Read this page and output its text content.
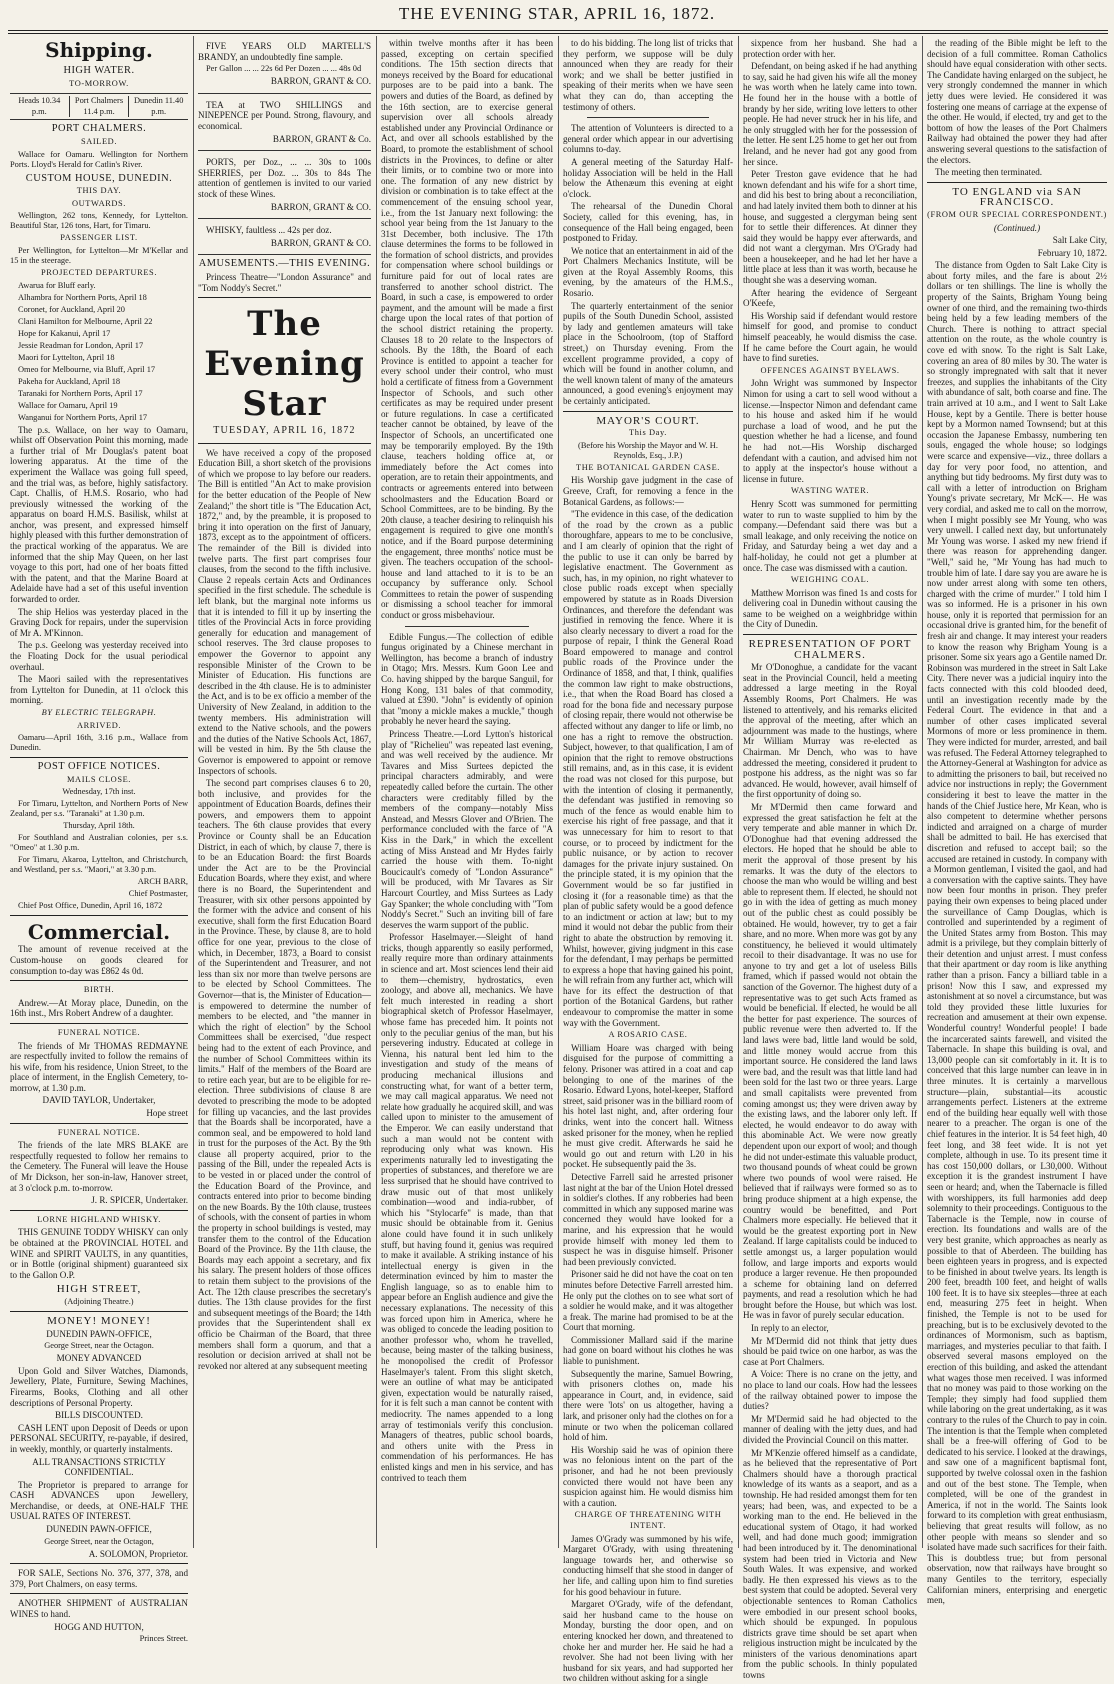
THE EVENING STAR, APRIL 16, 1872.
Shipping.
HIGH WATER.
TO-MORROW.
Heads 10.34 p.m.
Port Chalmers 11.4 p.m.
Dunedin 11.40 p.m.
PORT CHALMERS.
SAILED.

Wallace for Oamaru. Wellington for Northern Ports. Lloyd's Herald for Catlin's River.

CUSTOM HOUSE, DUNEDIN.
THIS DAY.
OUTWARDS.

Wellington, 262 tons, Kennedy, for Lyttelton. Beautiful Star, 126 tons, Hart, for Timaru.

PASSENGER LIST.

Per Wellington, for Lyttelton—Mr M'Kellar and 15 in the steerage.

PROJECTED DEPARTURES.

Awarua for Bluff early.

Alhambra for Northern Ports, April 18

Coronet, for Auckland, April 20

Clani Hamilton for Melbourne, April 22

Hope for Kakanui, April 17

Jessie Readman for London, April 17

Maori for Lyttelton, April 18

Omeo for Melbourne, via Bluff, April 17

Pakeha for Auckland, April 18

Taranaki for Northern Ports, April 17

Wallace for Oamaru, April 19

Wanganui for Northern Ports, April 17

The p.s. Wallace, on her way to Oamaru, whilst off Observation Point this morning, made a further trial of Mr Douglas's patent boat lowering apparatus. At the time of the experiment the Wallace was going full speed, and the trial was, as before, highly satisfactory. Capt. Challis, of H.M.S. Rosario, who had previously witnessed the working of the apparatus on board H.M.S. Basilisk, whilst at anchor, was present, and expressed himself highly pleased with this further demonstration of the practical working of the apparatus. We are informed that the ship May Queen, on her last voyage to this port, had one of her boats fitted with the patent, and that the Marine Board at Adelaide have had a set of this useful invention forwarded to order.

The ship Helios was yesterday placed in the Graving Dock for repairs, under the supervision of Mr A. M'Kinnon.

The p.s. Geelong was yesterday received into the Floating Dock for the usual periodical overhaul.

The Maori sailed with the representatives from Lyttelton for Dunedin, at 11 o'clock this morning.

BY ELECTRIC TELEGRAPH.
ARRIVED.

Oamaru—April 16th, 3.16 p.m., Wallace from Dunedin.

POST OFFICE NOTICES.
MAILS CLOSE.

Wednesday, 17th inst.

For Timaru, Lyttelton, and Northern Ports of New Zealand, per s.s. "Taranaki" at 1.30 p.m.

Thursday, April 18th.

For Southland and Australian colonies, per s.s. "Omeo" at 1.30 p.m.

For Timaru, Akaroa, Lyttelton, and Christchurch, and Westland, per s.s. "Maori," at 3.30 p.m.

ARCH BARR,

Chief Postmaster,

Chief Post Office, Dunedin, April 16, 1872

Commercial.

The amount of revenue received at the Custom-house on goods cleared for consumption to-day was £862 4s 0d.

BIRTH.

Andrew.—At Moray place, Dunedin, on the 16th inst., Mrs Robert Andrew of a daughter.

FUNERAL NOTICE.

The friends of Mr THOMAS REDMAYNE are respectfully invited to follow the remains of his wife, from his residence, Union Street, to the place of interment, in the English Cemetery, to-morrow, at 1.30 p.m.

DAVID TAYLOR, Undertaker,

Hope street

FUNERAL NOTICE.

The friends of the late MRS BLAKE are respectfully requested to follow her remains to the Cemetery. The Funeral will leave the House of Mr Dickson, her son-in-law, Hanover street, at 3 o'clock p.m. to-morrow.

J. R. SPICER, Undertaker.

LORNE HIGHLAND WHISKY.

THIS GENUINE TODDY WHISKY can only be obtained at the PROVINCIAL HOTEL and WINE and SPIRIT VAULTS, in any quantities, or in Bottle (original shipment) guaranteed six to the Gallon O.P.

HIGH STREET,

(Adjoining Theatre.)

MONEY! MONEY!

DUNEDIN PAWN-OFFICE,

George Street, near the Octagon.

MONEY ADVANCED

Upon Gold and Silver Watches, Diamonds, Jewellery, Plate, Furniture, Sewing Machines, Firearms, Books, Clothing and all other descriptions of Personal Property.

BILLS DISCOUNTED.

CASH LENT upon Deposit of Deeds or upon PERSONAL SECURITY, re-payable, if desired, in weekly, monthly, or quarterly instalments.

ALL TRANSACTIONS STRICTLY CONFIDENTIAL.

The Proprietor is prepared to arrange for CASH ADVANCES upon Jewellery, Merchandise, or deeds, at ONE-HALF THE USUAL RATES OF INTEREST.

DUNEDIN PAWN-OFFICE,

George Street, near the Octagon,

A. SOLOMON, Proprietor.

FOR SALE, Sections No. 376, 377, 378, and 379, Port Chalmers, on easy terms.

ANOTHER SHIPMENT of AUSTRALIAN WINES to hand.

HOGG AND HUTTON,

Princes Street.

FIVE YEARS OLD MARTELL'S BRANDY, an undoubtedly fine sample.

Per Gallon ... ... 22s 6d Per Dozen ... ... 48s 0d

BARRON, GRANT & CO.

TEA at TWO SHILLINGS and NINEPENCE per Pound. Strong, flavoury, and economical.

BARRON, GRANT & Co.

PORTS, per Doz., ... ... 30s to 100s SHERRIES, per Doz. ... 30s to 84s The attention of gentlemen is invited to our varied stock of these Wines.

BARRON, GRANT & CO.

WHISKY, faultless ... 42s per doz.

BARRON, GRANT & CO.

AMUSEMENTS.—THIS EVENING.

Princess Theatre—"London Assurance" and "Tom Noddy's Secret."

The Evening Star
TUESDAY, APRIL 16, 1872

We have received a copy of the proposed Education Bill, a short sketch of the provisions of which we propose to lay before our readers. The Bill is entitled "An Act to make provision for the better education of the People of New Zealand;" the short title is "The Education Act, 1872," and, by the preamble, it is proposed to bring it into operation on the first of January, 1873, except as to the appointment of officers. The remainder of the Bill is divided into twelve parts. The first part comprises four clauses, from the second to the fifth inclusive. Clause 2 repeals certain Acts and Ordinances specified in the first schedule. The schedule is left blank, but the marginal note informs us that it is intended to fill it up by inserting the titles of the Provincial Acts in force providing generally for education and management of school reserves. The 3rd clause proposes to empower the Governor to appoint any responsible Minister of the Crown to be Minister of Education. His functions are described in the 4th clause. He is to administer the Act, and is to be ex officio a member of the University of New Zealand, in addition to the twenty members. His administration will extend to the Native schools, and the powers and the duties of the Native Schools Act, 1867, will be vested in him. By the 5th clause the Governor is empowered to appoint or remove Inspectors of schools.

The second part comprises clauses 6 to 20, both inclusive, and provides for the appointment of Education Boards, defines their powers, and empowers them to appoint teachers. The 6th clause provides that every Province or County shall be an Education District, in each of which, by clause 7, there is to be an Education Board: the first Boards under the Act are to be the Provincial Education Boards, where they exist, and where there is no Board, the Superintendent and Treasurer, with six other persons appointed by the former with the advice and consent of his executive, shall form the first Education Board in the Province. These, by clause 8, are to hold office for one year, previous to the close of which, in December, 1873, a Board to consist of the Superintendent and Treasurer, and not less than six nor more than twelve persons are to be elected by School Committees. The Governor—that is, the Minister of Education—is empowered to determine the number of members to be elected, and "the manner in which the right of election" by the School Committees shall be exercised, "due respect being had to the extent of each Province, and the number of School Committees within its limits." Half of the members of the Board are to retire each year, but are to be eligible for re-election. Three subdivisions of clause 8 are devoted to prescribing the mode to be adopted for filling up vacancies, and the last provides that the Boards shall be incorporated, have a common seal, and be empowered to hold land in trust for the purposes of the Act. By the 9th clause all property acquired, prior to the passing of the Bill, under the repealed Acts is to be vested in or placed under the control of the Education Board of the Province, and contracts entered into prior to become binding on the new Boards. By the 10th clause, trustees of schools, with the consent of parties in whom the property in school buildings is vested, may transfer them to the control of the Education Board of the Province. By the 11th clause, the Boards may each appoint a secretary, and fix his salary. The present holders of those offices to retain them subject to the provisions of the Act. The 12th clause prescribes the secretary's duties. The 13th clause provides for the first and subsequent meetings of the Board; the 14th provides that the Superintendent shall ex officio be Chairman of the Board, that three members shall form a quorum, and that a resolution or decision arrived at shall not be revoked nor altered at any subsequent meeting

within twelve months after it has been passed, excepting on certain specified conditions. The 15th section directs that moneys received by the Board for educational purposes are to be paid into a bank. The powers and duties of the Board, as defined by the 16th section, are to exercise general supervision over all schools already established under any Provincial Ordinance or Act, and over all schools established by the Board, to promote the establishment of school districts in the Provinces, to define or alter their limits, or to combine two or more into one. The formation of any new district by division or combination is to take effect at the commencement of the ensuing school year, i.e., from the 1st January next following: the school year being from the 1st January to the 31st December, both inclusive. The 17th clause determines the forms to be followed in the formation of school districts, and provides for compensation where school buildings or furniture paid for out of local rates are transferred to another school district. The Board, in such a case, is empowered to order payment, and the amount will be made a first charge upon the local rates of that portion of the school district retaining the property. Clauses 18 to 20 relate to the Inspectors of schools. By the 18th, the Board of each Province is entitled to appoint a teacher for every school under their control, who must hold a certificate of fitness from a Government Inspector of Schools, and such other certificates as may be required under present or future regulations. In case a certificated teacher cannot be obtained, by leave of the Inspector of Schools, an uncertificated one may be temporarily employed. By the 19th clause, teachers holding office at, or immediately before the Act comes into operation, are to retain their appointments, and contracts or agreements entered into between schoolmasters and the Education Board or School Committees, are to be binding. By the 20th clause, a teacher desiring to relinquish his engagement is required to give one month's notice, and if the Board purpose determining the engagement, three months' notice must be given. The teachers occupation of the school-house and land attached to it is to be an occupancy by sufferance only. School Committees to retain the power of suspending or dismissing a school teacher for immoral conduct or gross misbehaviour.

Edible Fungus.—The collection of edible fungus originated by a Chinese merchant in Wellington, has become a branch of industry in Otago; Mrs. Messrs. Kum Goon Lee and Co. having shipped by the barque Sanguil, for Hong Kong, 131 bales of that commodity, valued at £390. "John" is evidently of opinion that "mony a mickle makes a muckle," though probably he never heard the saying.

Princess Theatre.—Lord Lytton's historical play of "Richelieu" was repeated last evening, and was well received by the audience. Mr Tavares and Miss Surtees depicted the principal characters admirably, and were repeatedly called before the curtain. The other characters were creditably filled by the members of the company—notably Miss Anstead, and Messrs Glover and O'Brien. The performance concluded with the farce of "A Kiss in the Dark," in which the excellent acting of Miss Anstead and Mr Hydes fairly carried the house with them. To-night Boucicault's comedy of "London Assurance" will be produced, with Mr Tavares as Sir Harcourt Courtley, and Miss Surtees as Lady Gay Spanker; the whole concluding with "Tom Noddy's Secret." Such an inviting bill of fare deserves the warm support of the public.

Professor Haselmayer.—Sleight of hand tricks, though apparently so easily performed, really require more than ordinary attainments in science and art. Most sciences lend their aid to them—chemistry, hydrostatics, even zoology, and above all, mechanics. We have felt much interested in reading a short biographical sketch of Professor Haselmayer, whose fame has preceded him. It points not only to the peculiar genius of the man, but his persevering industry. Educated at college in Vienna, his natural bent led him to the investigation and study of the means of producing mechanical illusions and constructing what, for want of a better term, we may call magical apparatus. We need not relate how gradually he acquired skill, and was called upon to minister to the amusement of the Emperor. We can easily understand that such a man would not be content with reproducing only what was known. His experiments naturally led to investigating the properties of substances, and therefore we are less surprised that he should have contrived to draw music out of that most unlikely combination—wood and india-rubber, of which his "Stylocarfe" is made, than that music should be obtainable from it. Genius alone could have found it in such unlikely stuff, but having found it, genius was required to make it available. A striking instance of his intellectual energy is given in the determination evinced by him to master the English language, so as to enable him to appear before an English audience and give the necessary explanations. The necessity of this was forced upon him in America, where he was obliged to concede the leading position to another professor who, whom he travelled, because, being master of the talking business, he monopolised the credit of Professor Haselmayer's talent. From this slight sketch, were an outline of what may be anticipated given, expectation would be naturally raised, for it is felt such a man cannot be content with mediocrity. The names appended to a long array of testimonials verify this conclusion. Managers of theatres, public school boards, and others unite with the Press in commendation of his performances. He has enlisted kings and men in his service, and has contrived to teach them

to do his bidding. The long list of tricks that they perform, we suppose will be duly announced when they are ready for their work; and we shall be better justified in speaking of their merits when we have seen what they can do, than accepting the testimony of others.

The attention of Volunteers is directed to a general order which appear in our advertising columns to-day.

A general meeting of the Saturday Half-holiday Association will be held in the Hall below the Athenæum this evening at eight o'clock.

The rehearsal of the Dunedin Choral Society, called for this evening, has, in consequence of the Hall being engaged, been postponed to Friday.

We notice that an entertainment in aid of the Port Chalmers Mechanics Institute, will be given at the Royal Assembly Rooms, this evening, by the amateurs of the H.M.S., Rosario.

The quarterly entertainment of the senior pupils of the South Dunedin School, assisted by lady and gentlemen amateurs will take place in the Schoolroom, (top of Stafford street,) on Thursday evening. From the excellent programme provided, a copy of which will be found in another column, and the well known talent of many of the amateurs announced, a good evening's enjoyment may be certainly anticipated.

MAYOR'S COURT.
This Day.

(Before his Worship the Mayor and W. H. Reynolds, Esq., J.P.)

THE BOTANICAL GARDEN CASE.

His Worship gave judgment in the case of Greeve, Craft, for removing a fence in the Botanical Gardens, as follows:—

"The evidence in this case, of the dedication of the road by the crown as a public thoroughfare, appears to me to be conclusive, and I am clearly of opinion that the right of the public to use it can only be barred by legislative enactment. The Government as such, has, in my opinion, no right whatever to close public roads except when specially empowered by statute as in Roads Diversion Ordinances, and therefore the defendant was justified in removing the fence. Where it is also clearly necessary to divert a road for the purpose of repair, I think the General Road Board empowered to manage and control public roads of the Province under the Ordinance of 1858, and that, I think, qualifies the common law right to make obstructions, i.e., that when the Road Board has closed a road for the bona fide and necessary purpose of closing repair, there would not otherwise be affected without any danger to life or limb, no one has a right to remove the obstruction. Subject, however, to that qualification, I am of opinion that the right to remove obstructions still remains, and, as in this case, it is evident the road was not closed for this purpose, but with the intention of closing it permanently, the defendant was justified in removing so much of the fence as would enable him to exercise his right of free passage, and that it was unnecessary for him to resort to that course, or to proceed by indictment for the public nuisance, or by action to recover damages for the private injury sustained. On the principle stated, it is my opinion that the Government would be so far justified in closing it (for a reasonable time) as that the plan of public safety would be a good defence to an indictment or action at law; but to my mind it would not debar the public from their right to abate the obstruction by removing it. Whilst, however, giving judgment in this case for the defendant, I may perhaps be permitted to express a hope that having gained his point, he will refrain from any further act, which will have for its effect the destruction of that portion of the Botanical Gardens, but rather endeavour to compromise the matter in some way with the Government.

A ROSARIO CASE.

William Hoare was charged with being disguised for the purpose of committing a felony. Prisoner was attired in a coat and cap belonging to one of the marines of the Rosario. Edward Lyons, hotel-keeper, Stafford street, said prisoner was in the billiard room of his hotel last night, and, after ordering four drinks, went into the concert hall. Witness asked prisoner for the money, when he replied he must give credit. Afterwards he said he would go out and return with L20 in his pocket. He subsequently paid the 3s.

Detective Farrell said he arrested prisoner last night at the bar of the Union Hotel dressed in soldier's clothes. If any robberies had been committed in which any supposed marine was concerned they would have looked for a marine, and his expression that he would provide himself with money led them to suspect he was in disguise himself. Prisoner had been previously convicted.

Prisoner said he did not have the coat on ten minutes before Detective Farrell arrested him. He only put the clothes on to see what sort of a soldier he would make, and it was altogether a freak. The marine had promised to be at the Court that morning.

Commissioner Mallard said if the marine had gone on board without his clothes he was liable to punishment.

Subsequently the marine, Samuel Bowring, with prisoners clothes on, made his appearance in Court, and, in evidence, said there were 'lots' on us altogether, having a lark, and prisoner only had the clothes on for a minute or two when the policeman collared hold of him.

His Worship said he was of opinion there was no felonious intent on the part of the prisoner, and had he not been previously convicted there would not have been any suspicion against him. He would dismiss him with a caution.

CHARGE OF THREATENING WITH INTENT.

James O'Grady was summoned by his wife, Margaret O'Grady, with using threatening language towards her, and otherwise so conducting himself that she stood in danger of her life, and calling upon him to find sureties for his good behaviour in future.

Margaret O'Grady, wife of the defendant, said her husband came to the house on Monday, bursting the door open, and on entering knocked her down, and threatened to choke her and murder her. He said he had a revolver. She had not been living with her husband for six years, and had supported her two children without asking for a single

sixpence from her husband. She had a protection order with her.

Defendant, on being asked if he had anything to say, said he had given his wife all the money he was worth when he lately came into town. He found her in the house with a bottle of brandy by her side, writing love letters to other people. He had never struck her in his life, and he only struggled with her for the possession of the letter. He sent L25 home to get her out from Ireland, and he never had got any good from her since.

Peter Treston gave evidence that he had known defendant and his wife for a short time, and did his best to bring about a reconciliation, and had lately invited them both to dinner at his house, and suggested a clergyman being sent for to settle their differences. At dinner they said they would be happy ever afterwards, and did not want a clergyman. Mrs O'Grady had been a housekeeper, and he had let her have a little place at less than it was worth, because he thought she was a deserving woman.

After hearing the evidence of Sergeant O'Keefe,

His Worship said if defendant would restore himself for good, and promise to conduct himself peaceably, he would dismiss the case. If he came before the Court again, he would have to find sureties.

OFFENCES AGAINST BYELAWS.

John Wright was summoned by Inspector Nimon for using a cart to sell wood without a license.—Inspector Nimon and defendant came to his house and asked him if he would purchase a load of wood, and he put the question whether he had a license, and found he had not.—His Worship discharged defendant with a caution, and advised him not to apply at the inspector's house without a license in future.

WASTING WATER.

Henry Scott was summoned for permitting water to run to waste supplied to him by the company.—Defendant said there was but a small leakage, and only receiving the notice on Friday, and Saturday being a wet day and a half-holiday, he could not get a plumber at once. The case was dismissed with a caution.

WEIGHING COAL.

Matthew Morrison was fined 1s and costs for delivering coal in Dunedin without causing the same to be weighed on a weighbridge within the City of Dunedin.

REPRESENTATION OF PORT CHALMERS.

Mr O'Donoghue, a candidate for the vacant seat in the Provincial Council, held a meeting addressed a large meeting in the Royal Assembly Rooms, Port Chalmers. He was listened to attentively, and his remarks elicited the approval of the meeting, after which an adjournment was made to the hustings, where Mr William Murray was re-elected as Chairman. Mr Dench, who was to have addressed the meeting, considered it prudent to postpone his address, as the night was so far advanced. He would, however, avail himself of the first opportunity of doing so.

Mr M'Dermid then came forward and expressed the great satisfaction he felt at the very temperate and able manner in which Dr. O'Donoghue had that evening addressed the electors. He hoped that he should be able to merit the approval of those present by his remarks. It was the duty of the electors to choose the man who would be willing and best able to represent them. If elected, he should not go in with the idea of getting as much money out of the public chest as could possibly be obtained. He would, however, try to get a fair share, and no more. When more was got by any constituency, he believed it would ultimately recoil to their disadvantage. It was no use for anyone to try and get a lot of useless Bills framed, which if passed would not obtain the sanction of the Governor. The highest duty of a representative was to get such Acts framed as would be beneficial. If elected, he would be all the better for past experience. The sources of public revenue were then adverted to. If the land laws were bad, little land would be sold, and little money would accrue from this important source. He considered the land laws were bad, and the result was that little land had been sold for the last two or three years. Large and small capitalists were prevented from coming amongst us; they were driven away by the existing laws, and the laborer only left. If elected, he would endeavor to do away with this abominable Act. We were now greatly dependent upon our export of wool; and though he did not under-estimate this valuable product, two thousand pounds of wheat could be grown where two pounds of wool were raised. He believed that if railways were formed so as to bring produce shipment at a high expense, the country would be benefitted, and Port Chalmers more especially. He believed that it would be the greatest exporting port in New Zealand. If large capitalists could be induced to settle amongst us, a larger population would follow, and large imports and exports would produce a larger revenue. He then propounded a scheme for obtaining land on deferred payments, and read a resolution which he had brought before the House, but which was lost. He was in favor of purely secular education.

In reply to an elector,

Mr M'Dermid did not think that jetty dues should be paid twice on one harbor, as was the case at Port Chalmers.

A Voice: There is no crane on the jetty, and no place to land our coals. How had the lessees of the railway obtained power to impose the duties?

Mr M'Dermid said he had objected to the manner of dealing with the jetty dues, and had divided the Provincial Council on this matter.

Mr M'Kenzie offered himself as a candidate, as he believed that the representative of Port Chalmers should have a thorough practical knowledge of its wants as a seaport, and as a township. He had resided amongst them for ten years; had been, was, and expected to be a working man to the end. He believed in the educational system of Otago, it had worked well, and had done much good; immigration had been introduced by it. The denominational system had been tried in Victoria and New South Wales. It was expensive, and worked badly. He then expressed his views as to the best system that could be adopted. Several very objectionable sentences to Roman Catholics were embodied in our present school books, which should be expunged. In populous districts grave time should be set apart when religious instruction might be inculcated by the ministers of the various denominations apart from the public schools. In thinly populated towns

the reading of the Bible might be left to the decision of a full committee. Roman Catholics should have equal consideration with other sects. The Candidate having enlarged on the subject, he very strongly condemned the manner in which jetty dues were levied. He considered it was fostering one means of carriage at the expense of the other. He would, if elected, try and get to the bottom of how the leases of the Port Chalmers Railway had obtained the power they had after answering several questions to the satisfaction of the electors.

The meeting then terminated.

TO ENGLAND via SAN FRANCISCO.
(FROM OUR SPECIAL CORRESPONDENT.)

(Continued.)

Salt Lake City,

February 10, 1872.

The distance from Ogden to Salt Lake City is about forty miles, and the fare is about 2½ dollars or ten shillings. The line is wholly the property of the Saints, Brigham Young being owner of one third, and the remaining two-thirds being held by a few leading members of the Church. There is nothing to attract special attention on the route, as the whole country is cove ed with snow. To the right is Salt Lake, covering an area of 80 miles by 30. The water is so strongly impregnated with salt that it never freezes, and supplies the inhabitants of the City with abundance of salt, both coarse and fine. The train arrived at 10 a.m., and I went to Salt Lake House, kept by a Gentile. There is better house kept by a Mormon named Townsend; but at this occasion the Japanese Embassy, numbering ten souls, engaged the whole house; so lodgings were scarce and expensive—viz., three dollars a day for very poor food, no attention, and anything but tidy bedrooms. My first duty was to call with a letter of introduction on Brigham Young's private secretary, Mr McK—. He was very cordial, and asked me to call on the morrow, when I might possibly see Mr Young, who was very unwell. I called next day, but unfortunately Mr Young was worse. I asked my new friend if there was reason for apprehending danger. "Well," said he, "Mr Young has had much to trouble him of late. I dare say you are aware he is now under arrest along with some ten others, charged with the crime of murder." I told him I was so informed. He is a prisoner in his own house, only it is reported that permission for an occasional drive is granted him, for the benefit of fresh air and change. It may interest your readers to know the reason why Brigham Young is a prisoner. Some six years ago a Gentile named Dr. Robinson was murdered in the street in Salt Lake City. There never was a judicial inquiry into the facts connected with this cold blooded deed, until an investigation recently made by the Federal Court. The evidence in that and a number of other cases implicated several Mormons of more or less prominence in them. They were indicted for murder, arrested, and bail was refused. The Federal Attorney telegraphed to the Attorney-General at Washington for advice as to admitting the prisoners to bail, but received no advice nor instructions in reply; the Government considering it best to leave the matter in the hands of the Chief Justice here, Mr Kean, who is also competent to determine whether persons indicted and arraigned on a charge of murder shall be admitted to bail. He has exercised that discretion and refused to accept bail; so the accused are retained in custody. In company with a Mormon gentleman, I visited the gaol, and had a conversation with the captive saints. They have now been four months in prison. They prefer paying their own expenses to being placed under the surveillance of Camp Douglas, which is controlled and superintended by a regiment of the United States army from Boston. This may admit is a privilege, but they complain bitterly of their detention and unjust arrest. I must confess that their apartment or day room is like anything rather than a prison. Fancy a billiard table in a prison! Now this I saw, and expressed my astonishment at so novel a circumstance, but was told they provided these little luxuries for recreation and amusement at their own expense. Wonderful country! Wonderful people! I bade the incarcerated saints farewell, and visited the Tabernacle. In shape this building is oval, and 13,000 people can sit comfortably in it. It is to conceived that this large number can leave in in three minutes. It is certainly a marvellous structure—plain, substantial—its acoustic arrangements perfect. Listeners at the extreme end of the building hear equally well with those nearer to a preacher. The organ is one of the chief features in the interior. It is 54 feet high, 40 feet long, and 38 feet wide. It is not yet complete, although in use. To its present time it has cost 150,000 dollars, or L30,000. Without exception it is the grandest instrument I have seen or heard; and, when the Tabernacle is filled with worshippers, its full harmonies add deep solemnity to their proceedings. Contiguous to the Tabernacle is the Temple, now in course of erection. Its foundations and walls are of the very best granite, which approaches as nearly as possible to that of Aberdeen. The building has been eighteen years in progress, and is expected to be finished in about twelve years. Its length is 200 feet, breadth 100 feet, and height of walls 100 feet. It is to have six steeples—three at each end, measuring 275 feet in height. When finished, the Temple is not to be used for preaching, but is to be exclusively devoted to the ordinances of Mormonism, such as baptism, marriages, and mysteries peculiar to that faith. I observed several masons employed on the erection of this building, and asked the attendant what wages those men received. I was informed that no money was paid to those working on the Temple; they simply had food supplied them while laboring on the great undertaking, as it was contrary to the rules of the Church to pay in coin. The intention is that the Temple when completed shall be a free-will offering of God to be dedicated to his service. I looked at the drawings, and saw one of a magnificent baptismal font, supported by twelve colossal oxen in the fashion and out of the best stone. The Temple, when completed, will be one of the grandest in America, if not in the world. The Saints look forward to its completion with great enthusiasm, believing that great results will follow, as no other people with means so slender and so isolated have made such sacrifices for their faith. This is doubtless true; but from personal observation, now that railways have brought so many Gentiles to the territory, especially Californian miners, enterprising and energetic men,
